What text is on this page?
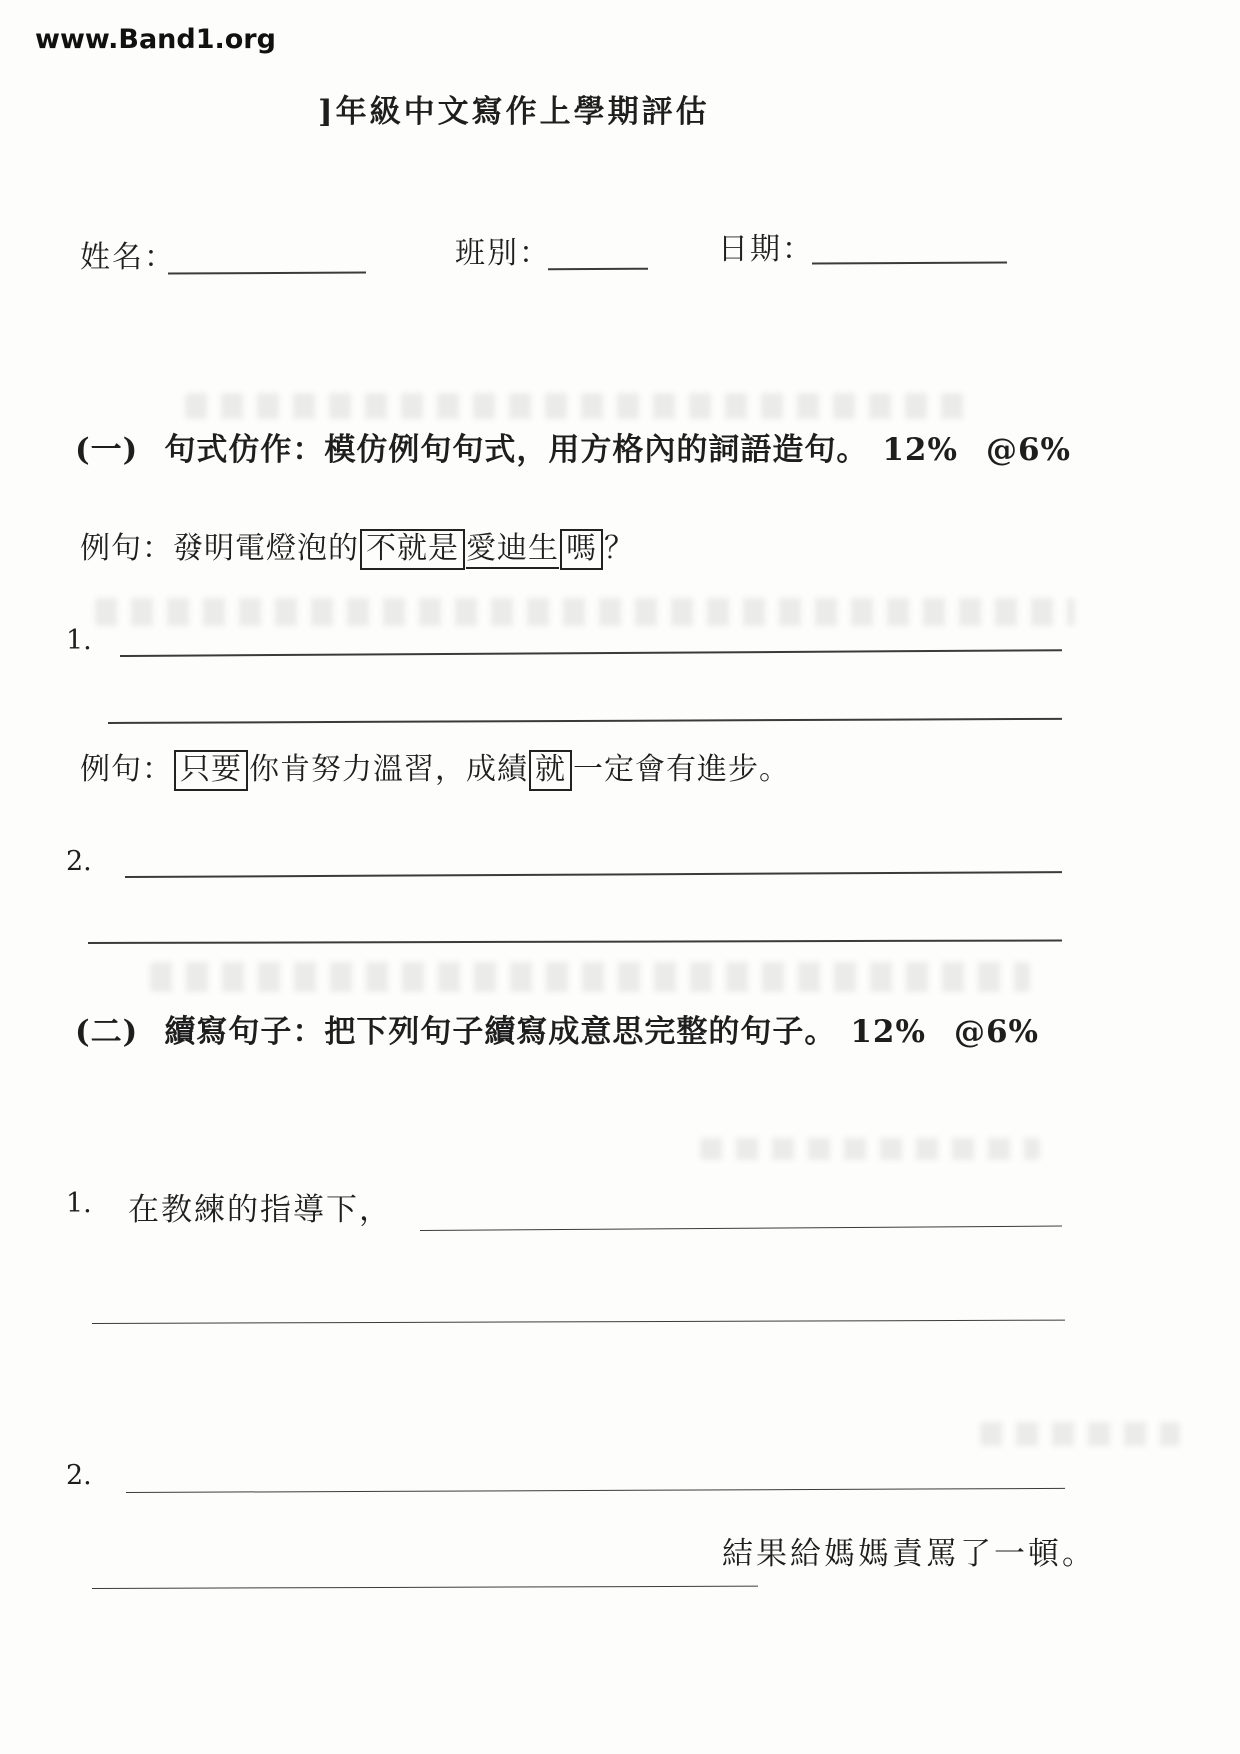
www.Band1.org
]年級中文寫作上學期評估
姓名：	班別：	日期：
(一) 句式仿作：模仿例句句式，用方格內的詞語造句。 12% @6%
例句：發明電燈泡的 不就是 愛迪生 嗎 ？
1.
例句： 只要 你肯努力溫習，成績 就 一定會有進步。
2.
(二) 續寫句子：把下列句子續寫成意思完整的句子。 12% @6%
1. 在教練的指導下，
2.
結果給媽媽責罵了一頓。
